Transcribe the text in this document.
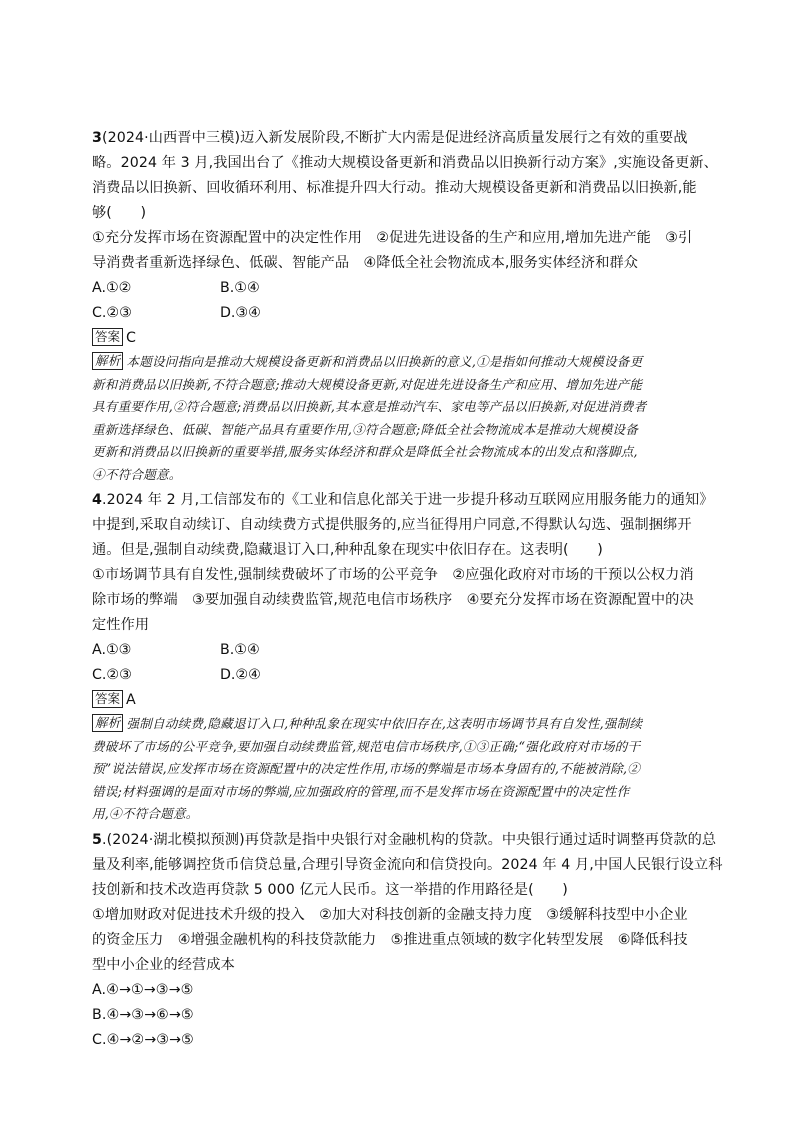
3(2024·山西晋中三模)迈入新发展阶段,不断扩大内需是促进经济高质量发展行之有效的重要战
略。2024 年 3 月,我国出台了《推动大规模设备更新和消费品以旧换新行动方案》,实施设备更新、
消费品以旧换新、回收循环利用、标准提升四大行动。推动大规模设备更新和消费品以旧换新,能
够(　　)
①充分发挥市场在资源配置中的决定性作用　②促进先进设备的生产和应用,增加先进产能　③引
导消费者重新选择绿色、低碳、智能产品　④降低全社会物流成本,服务实体经济和群众
A.①②	B.①④
C.②③	D.③④
答案 C
解析 本题设问指向是推动大规模设备更新和消费品以旧换新的意义,①是指如何推动大规模设备更
新和消费品以旧换新,不符合题意;推动大规模设备更新,对促进先进设备生产和应用、增加先进产能
具有重要作用,②符合题意;消费品以旧换新,其本意是推动汽车、家电等产品以旧换新,对促进消费者
重新选择绿色、低碳、智能产品具有重要作用,③符合题意;降低全社会物流成本是推动大规模设备
更新和消费品以旧换新的重要举措,服务实体经济和群众是降低全社会物流成本的出发点和落脚点,
④不符合题意。
4.2024 年 2 月,工信部发布的《工业和信息化部关于进一步提升移动互联网应用服务能力的通知》
中提到,采取自动续订、自动续费方式提供服务的,应当征得用户同意,不得默认勾选、强制捆绑开
通。但是,强制自动续费,隐藏退订入口,种种乱象在现实中依旧存在。这表明(　　)
①市场调节具有自发性,强制续费破坏了市场的公平竞争　②应强化政府对市场的干预以公权力消
除市场的弊端　③要加强自动续费监管,规范电信市场秩序　④要充分发挥市场在资源配置中的决
定性作用
A.①③	B.①④
C.②③	D.②④
答案 A
解析 强制自动续费,隐藏退订入口,种种乱象在现实中依旧存在,这表明市场调节具有自发性,强制续
费破坏了市场的公平竞争,要加强自动续费监管,规范电信市场秩序,①③正确;“强化政府对市场的干
预”说法错误,应发挥市场在资源配置中的决定性作用,市场的弊端是市场本身固有的,不能被消除,②
错误;材料强调的是面对市场的弊端,应加强政府的管理,而不是发挥市场在资源配置中的决定性作
用,④不符合题意。
5.(2024·湖北模拟预测)再贷款是指中央银行对金融机构的贷款。中央银行通过适时调整再贷款的总
量及利率,能够调控货币信贷总量,合理引导资金流向和信贷投向。2024 年 4 月,中国人民银行设立科
技创新和技术改造再贷款 5 000 亿元人民币。这一举措的作用路径是(　　)
①增加财政对促进技术升级的投入　②加大对科技创新的金融支持力度　③缓解科技型中小企业
的资金压力　④增强金融机构的科技贷款能力　⑤推进重点领域的数字化转型发展　⑥降低科技
型中小企业的经营成本
A.④→①→③→⑤
B.④→③→⑥→⑤
C.④→②→③→⑤
